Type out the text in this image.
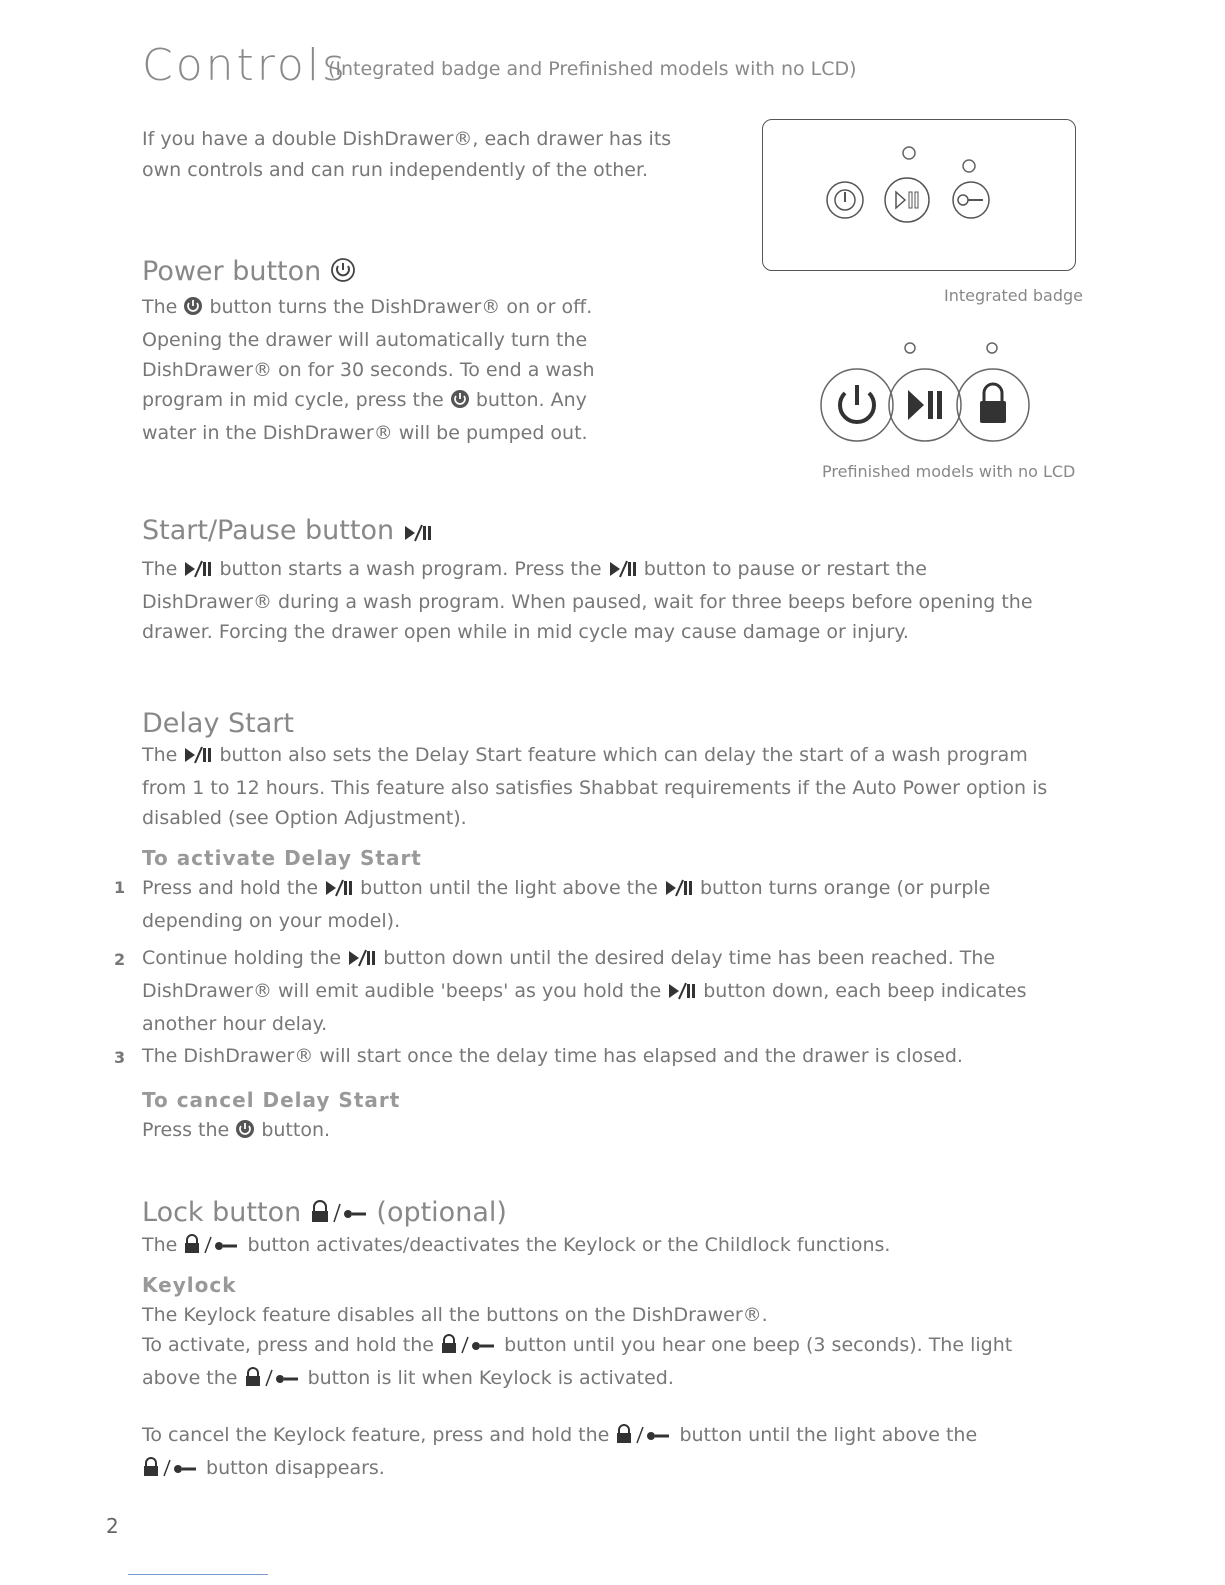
Controls
(Integrated badge and Prefinished models with no LCD)
If you have a double DishDrawer®, each drawer has its own controls and can run independently of the other.
Integrated badge
Prefinished models with no LCD
Power button
The button turns the DishDrawer® on or off. Opening the drawer will automatically turn the DishDrawer® on for 30 seconds. To end a wash program in mid cycle, press the button. Any water in the DishDrawer® will be pumped out.
Start/Pause button
The button starts a wash program. Press the button to pause or restart the
DishDrawer® during a wash program. When paused, wait for three beeps before opening the
drawer. Forcing the drawer open while in mid cycle may cause damage or injury.
Delay Start
The button also sets the Delay Start feature which can delay the start of a wash program
from 1 to 12 hours. This feature also satisfies Shabbat requirements if the Auto Power option is
disabled (see Option Adjustment).
To activate Delay Start
1 Press and hold the button until the light above the button turns orange (or purple
depending on your model).
2 Continue holding the button down until the desired delay time has been reached. The
DishDrawer® will emit audible 'beeps' as you hold the button down, each beep indicates
another hour delay.
3 The DishDrawer® will start once the delay time has elapsed and the drawer is closed.
To cancel Delay Start
Press the button.
Lock button	(optional)
The	button activates/deactivates the Keylock or the Childlock functions.
Keylock
The Keylock feature disables all the buttons on the DishDrawer®.
To activate, press and hold the	button until you hear one beep (3 seconds). The light
above the	button is lit when Keylock is activated.
To cancel the Keylock feature, press and hold the	button until the light above the
button disappears.
2
